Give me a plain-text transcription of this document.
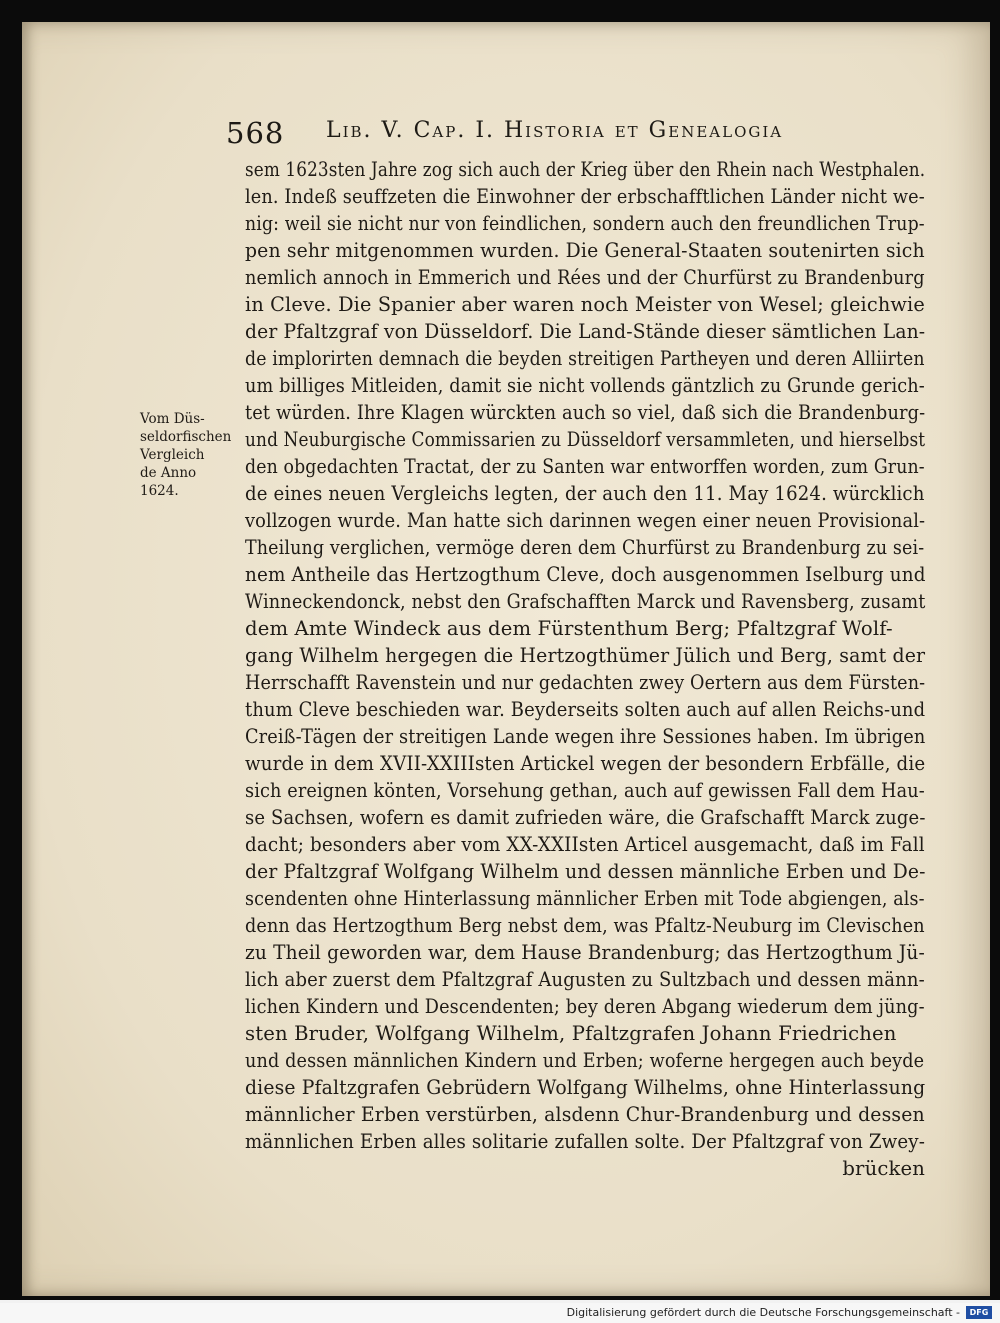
568 Lib. V. Cap. I. Historia et Genealogia
Vom Düs-
seldorfischen
Vergleich
de Anno
1624.
sem 1623sten Jahre zog sich auch der Krieg über den Rhein nach Westphalen.
len. Indeß seuffzeten die Einwohner der erbschafftlichen Länder nicht we-
nig: weil sie nicht nur von feindlichen, sondern auch den freundlichen Trup-
pen sehr mitgenommen wurden. Die General-Staaten soutenirten sich
nemlich annoch in Emmerich und Rées und der Churfürst zu Brandenburg
in Cleve. Die Spanier aber waren noch Meister von Wesel; gleichwie
der Pfaltzgraf von Düsseldorf. Die Land-Stände dieser sämtlichen Lan-
de implorirten demnach die beyden streitigen Partheyen und deren Alliirten
um billiges Mitleiden, damit sie nicht vollends gäntzlich zu Grunde gerich-
tet würden. Ihre Klagen würckten auch so viel, daß sich die Brandenburg-
und Neuburgische Commissarien zu Düsseldorf versammleten, und hierselbst
den obgedachten Tractat, der zu Santen war entworffen worden, zum Grun-
de eines neuen Vergleichs legten, der auch den 11. May 1624. würcklich
vollzogen wurde. Man hatte sich darinnen wegen einer neuen Provisional-
Theilung verglichen, vermöge deren dem Churfürst zu Brandenburg zu sei-
nem Antheile das Hertzogthum Cleve, doch ausgenommen Iselburg und
Winneckendonck, nebst den Grafschafften Marck und Ravensberg, zusamt
dem Amte Windeck aus dem Fürstenthum Berg; Pfaltzgraf Wolf-
gang Wilhelm hergegen die Hertzogthümer Jülich und Berg, samt der
Herrschafft Ravenstein und nur gedachten zwey Oertern aus dem Fürsten-
thum Cleve beschieden war. Beyderseits solten auch auf allen Reichs-und
Creiß-Tägen der streitigen Lande wegen ihre Sessiones haben. Im übrigen
wurde in dem XVII-XXIIIsten Artickel wegen der besondern Erbfälle, die
sich ereignen könten, Vorsehung gethan, auch auf gewissen Fall dem Hau-
se Sachsen, wofern es damit zufrieden wäre, die Grafschafft Marck zuge-
dacht; besonders aber vom XX-XXIIsten Articel ausgemacht, daß im Fall
der Pfaltzgraf Wolfgang Wilhelm und dessen männliche Erben und De-
scendenten ohne Hinterlassung männlicher Erben mit Tode abgiengen, als-
denn das Hertzogthum Berg nebst dem, was Pfaltz-Neuburg im Clevischen
zu Theil geworden war, dem Hause Brandenburg; das Hertzogthum Jü-
lich aber zuerst dem Pfaltzgraf Augusten zu Sultzbach und dessen männ-
lichen Kindern und Descendenten; bey deren Abgang wiederum dem jüng-
sten Bruder, Wolfgang Wilhelm, Pfaltzgrafen Johann Friedrichen
und dessen männlichen Kindern und Erben; woferne hergegen auch beyde
diese Pfaltzgrafen Gebrüdern Wolfgang Wilhelms, ohne Hinterlassung
männlicher Erben verstürben, alsdenn Chur-Brandenburg und dessen
männlichen Erben alles solitarie zufallen solte. Der Pfaltzgraf von Zwey-
brücken
Digitalisierung gefördert durch die Deutsche Forschungsgemeinschaft -	DFG
